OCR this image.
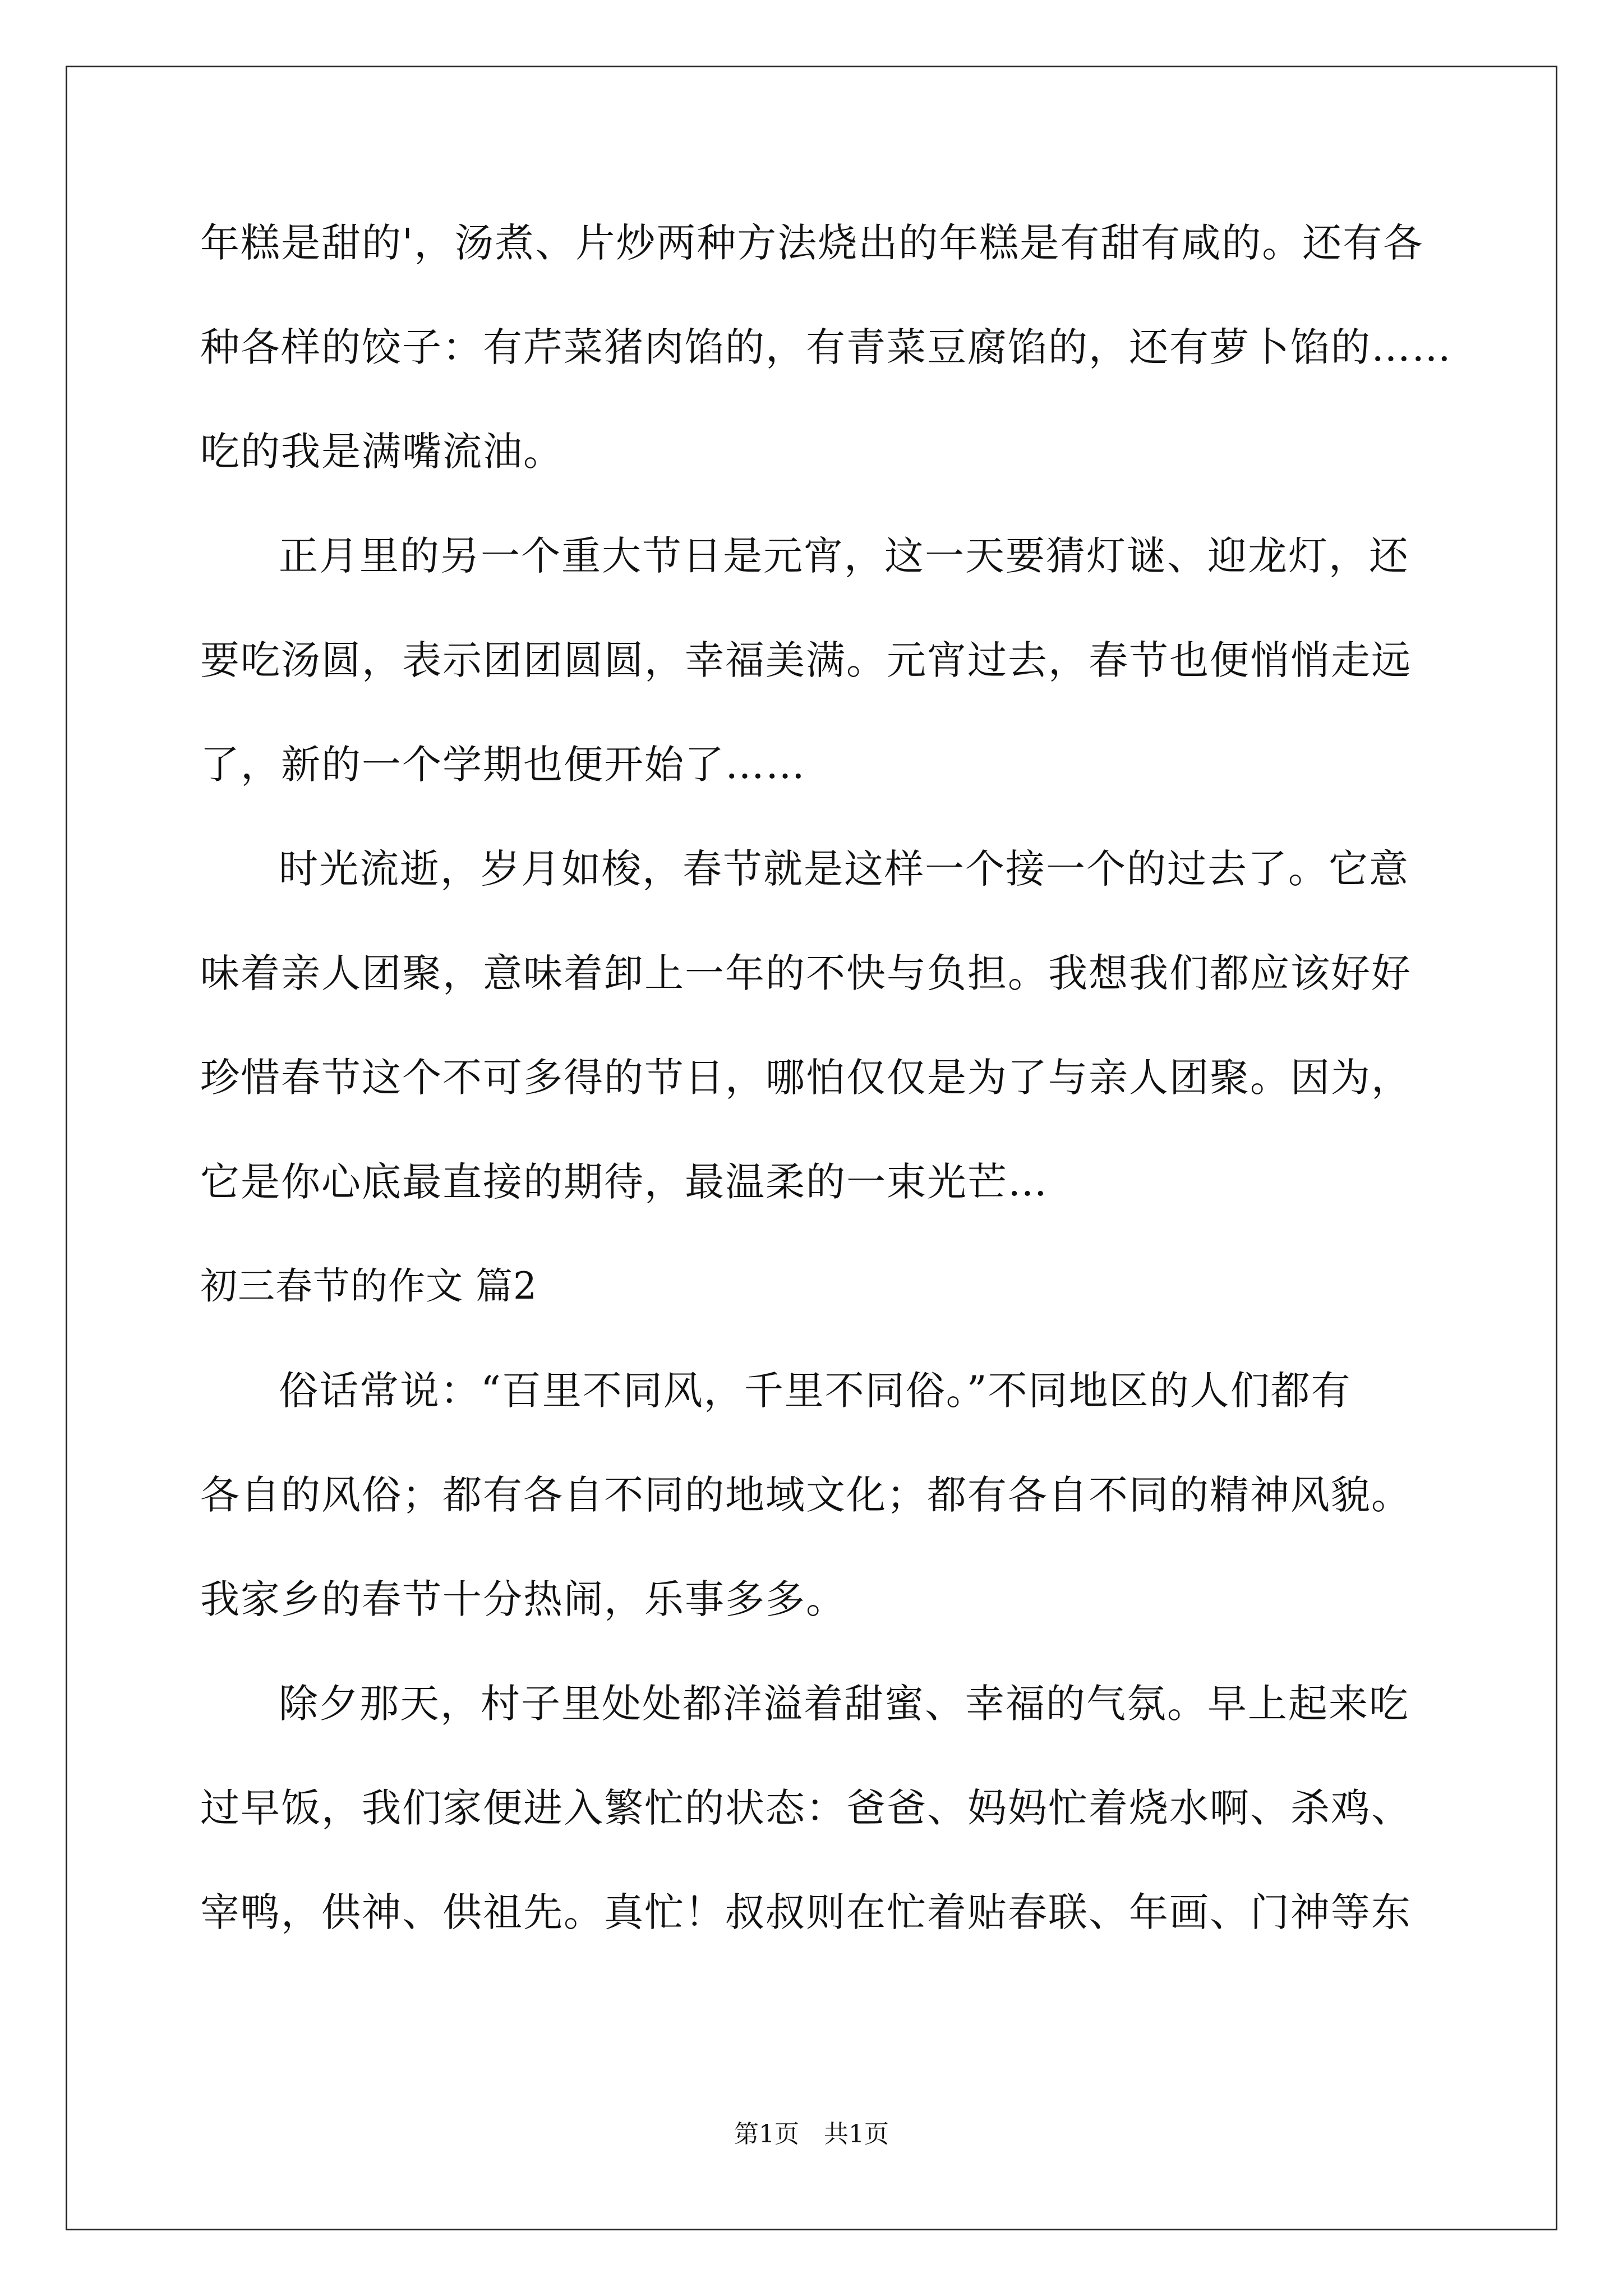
年糕是甜的'，汤煮、片炒两种方法烧出的年糕是有甜有咸的。还有各
种各样的饺子：有芹菜猪肉馅的，有青菜豆腐馅的，还有萝卜馅的……
吃的我是满嘴流油。
正月里的另一个重大节日是元宵，这一天要猜灯谜、迎龙灯，还
要吃汤圆，表示团团圆圆，幸福美满。元宵过去，春节也便悄悄走远
了，新的一个学期也便开始了……
时光流逝，岁月如梭，春节就是这样一个接一个的过去了。它意
味着亲人团聚，意味着卸上一年的不快与负担。我想我们都应该好好
珍惜春节这个不可多得的节日，哪怕仅仅是为了与亲人团聚。因为，
它是你心底最直接的期待，最温柔的一束光芒…
初三春节的作文 篇2
俗话常说：“百里不同风，千里不同俗。”不同地区的人们都有
各自的风俗；都有各自不同的地域文化；都有各自不同的精神风貌。
我家乡的春节十分热闹，乐事多多。
除夕那天，村子里处处都洋溢着甜蜜、幸福的气氛。早上起来吃
过早饭，我们家便进入繁忙的状态：爸爸、妈妈忙着烧水啊、杀鸡、
宰鸭，供神、供祖先。真忙！叔叔则在忙着贴春联、年画、门神等东
第1页　共1页
